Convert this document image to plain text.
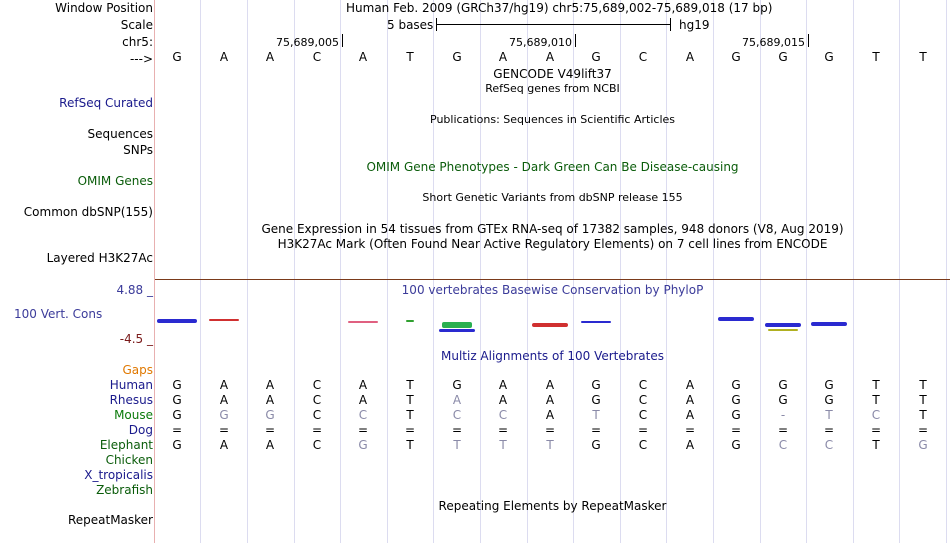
Window Position	Human Feb. 2009 (GRCh37/hg19) chr5:75,689,002-75,689,018 (17 bp)
Scale	5 bases	hg19
chr5:	75,689,005	75,689,010	75,689,015
--->	G	A	A	C	A	T	G	A	A	G	C	A	G	G	G	T	T
GENCODE V49lift37
RefSeq genes from NCBI
RefSeq Curated
Publications: Sequences in Scientific Articles
Sequences
SNPs
OMIM Gene Phenotypes - Dark Green Can Be Disease-causing
OMIM Genes
Short Genetic Variants from dbSNP release 155
Common dbSNP(155)
Gene Expression in 54 tissues from GTEx RNA-seq of 17382 samples, 948 donors (V8, Aug 2019)
H3K27Ac Mark (Often Found Near Active Regulatory Elements) on 7 cell lines from ENCODE
Layered H3K27Ac
4.88 _	100 vertebrates Basewise Conservation by PhyloP
100 Vert. Cons
-4.5 _
Multiz Alignments of 100 Vertebrates
Gaps
Human	G	A	A	C	A	T	G	A	A	G	C	A	G	G	G	T	T
Rhesus	G	A	A	C	A	T	A	A	A	G	C	A	G	G	G	T	T
Mouse	G	G	G	C	C	T	C	C	A	T	C	A	G	-	T	C	T
Dog	=	=	=	=	=	=	=	=	=	=	=	=	=	=	=	=	=
Elephant	G	A	A	C	G	T	T	T	T	G	C	A	G	C	C	T	G
Chicken
X_tropicalis
Zebrafish
Repeating Elements by RepeatMasker
RepeatMasker
